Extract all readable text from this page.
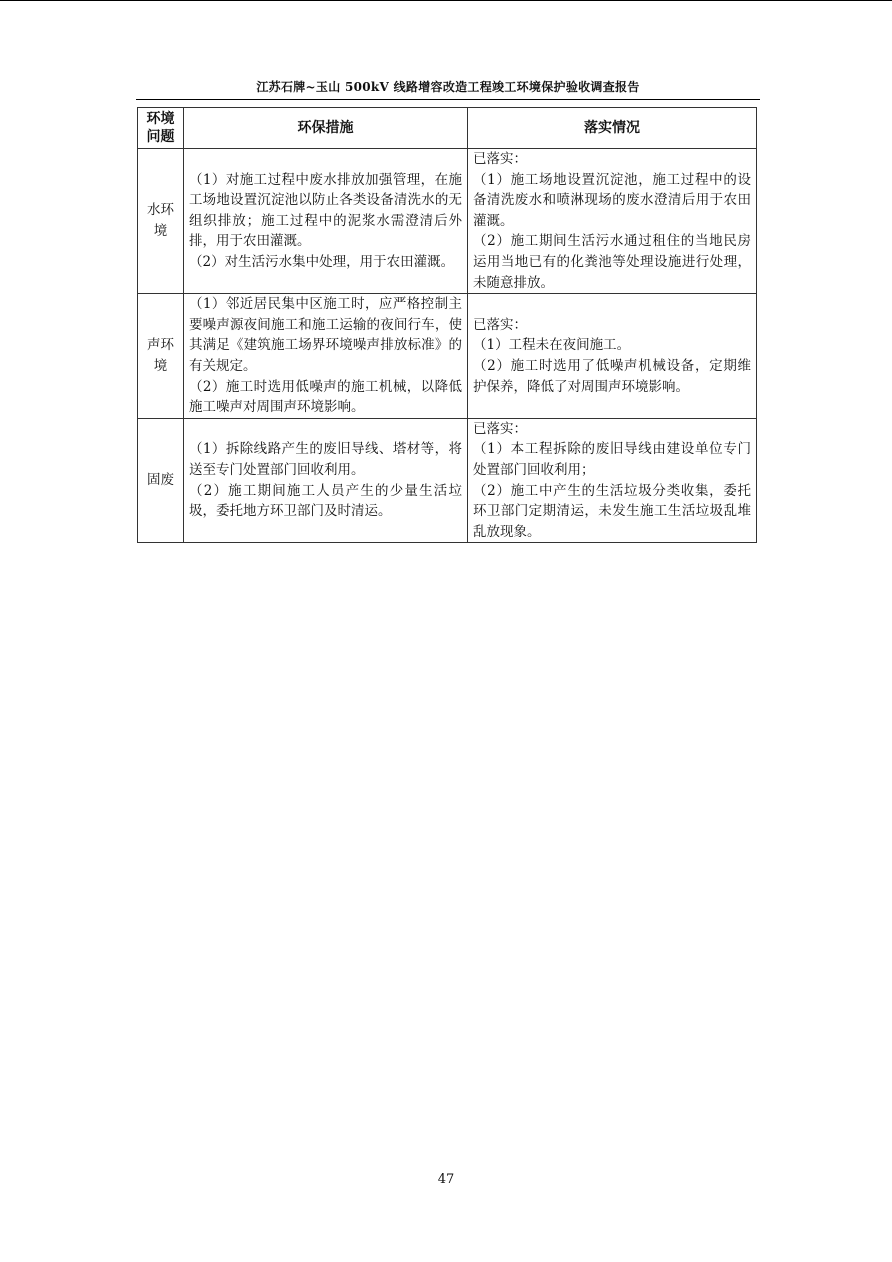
江苏石牌~玉山 500kV 线路增容改造工程竣工环境保护验收调查报告
环境
问题	环保措施	落实情况

水环
境	（1）对施工过程中废水排放加强管理，在施工场地设置沉淀池以防止各类设备清洗水的无组织排放；施工过程中的泥浆水需澄清后外排，用于农田灌溉。
（2）对生活污水集中处理，用于农田灌溉。	已落实：
（1）施工场地设置沉淀池，施工过程中的设备清洗废水和喷淋现场的废水澄清后用于农田灌溉。
（2）施工期间生活污水通过租住的当地民房运用当地已有的化粪池等处理设施进行处理，未随意排放。

声环
境	（1）邻近居民集中区施工时，应严格控制主要噪声源夜间施工和施工运输的夜间行车，使其满足《建筑施工场界环境噪声排放标准》的有关规定。
（2）施工时选用低噪声的施工机械，以降低施工噪声对周围声环境影响。	已落实：
（1）工程未在夜间施工。
（2）施工时选用了低噪声机械设备，定期维护保养，降低了对周围声环境影响。

固废	（1）拆除线路产生的废旧导线、塔材等，将送至专门处置部门回收利用。
（2）施工期间施工人员产生的少量生活垃圾，委托地方环卫部门及时清运。	已落实：
（1）本工程拆除的废旧导线由建设单位专门处置部门回收利用；
（2）施工中产生的生活垃圾分类收集，委托环卫部门定期清运，未发生施工生活垃圾乱堆乱放现象。
47
